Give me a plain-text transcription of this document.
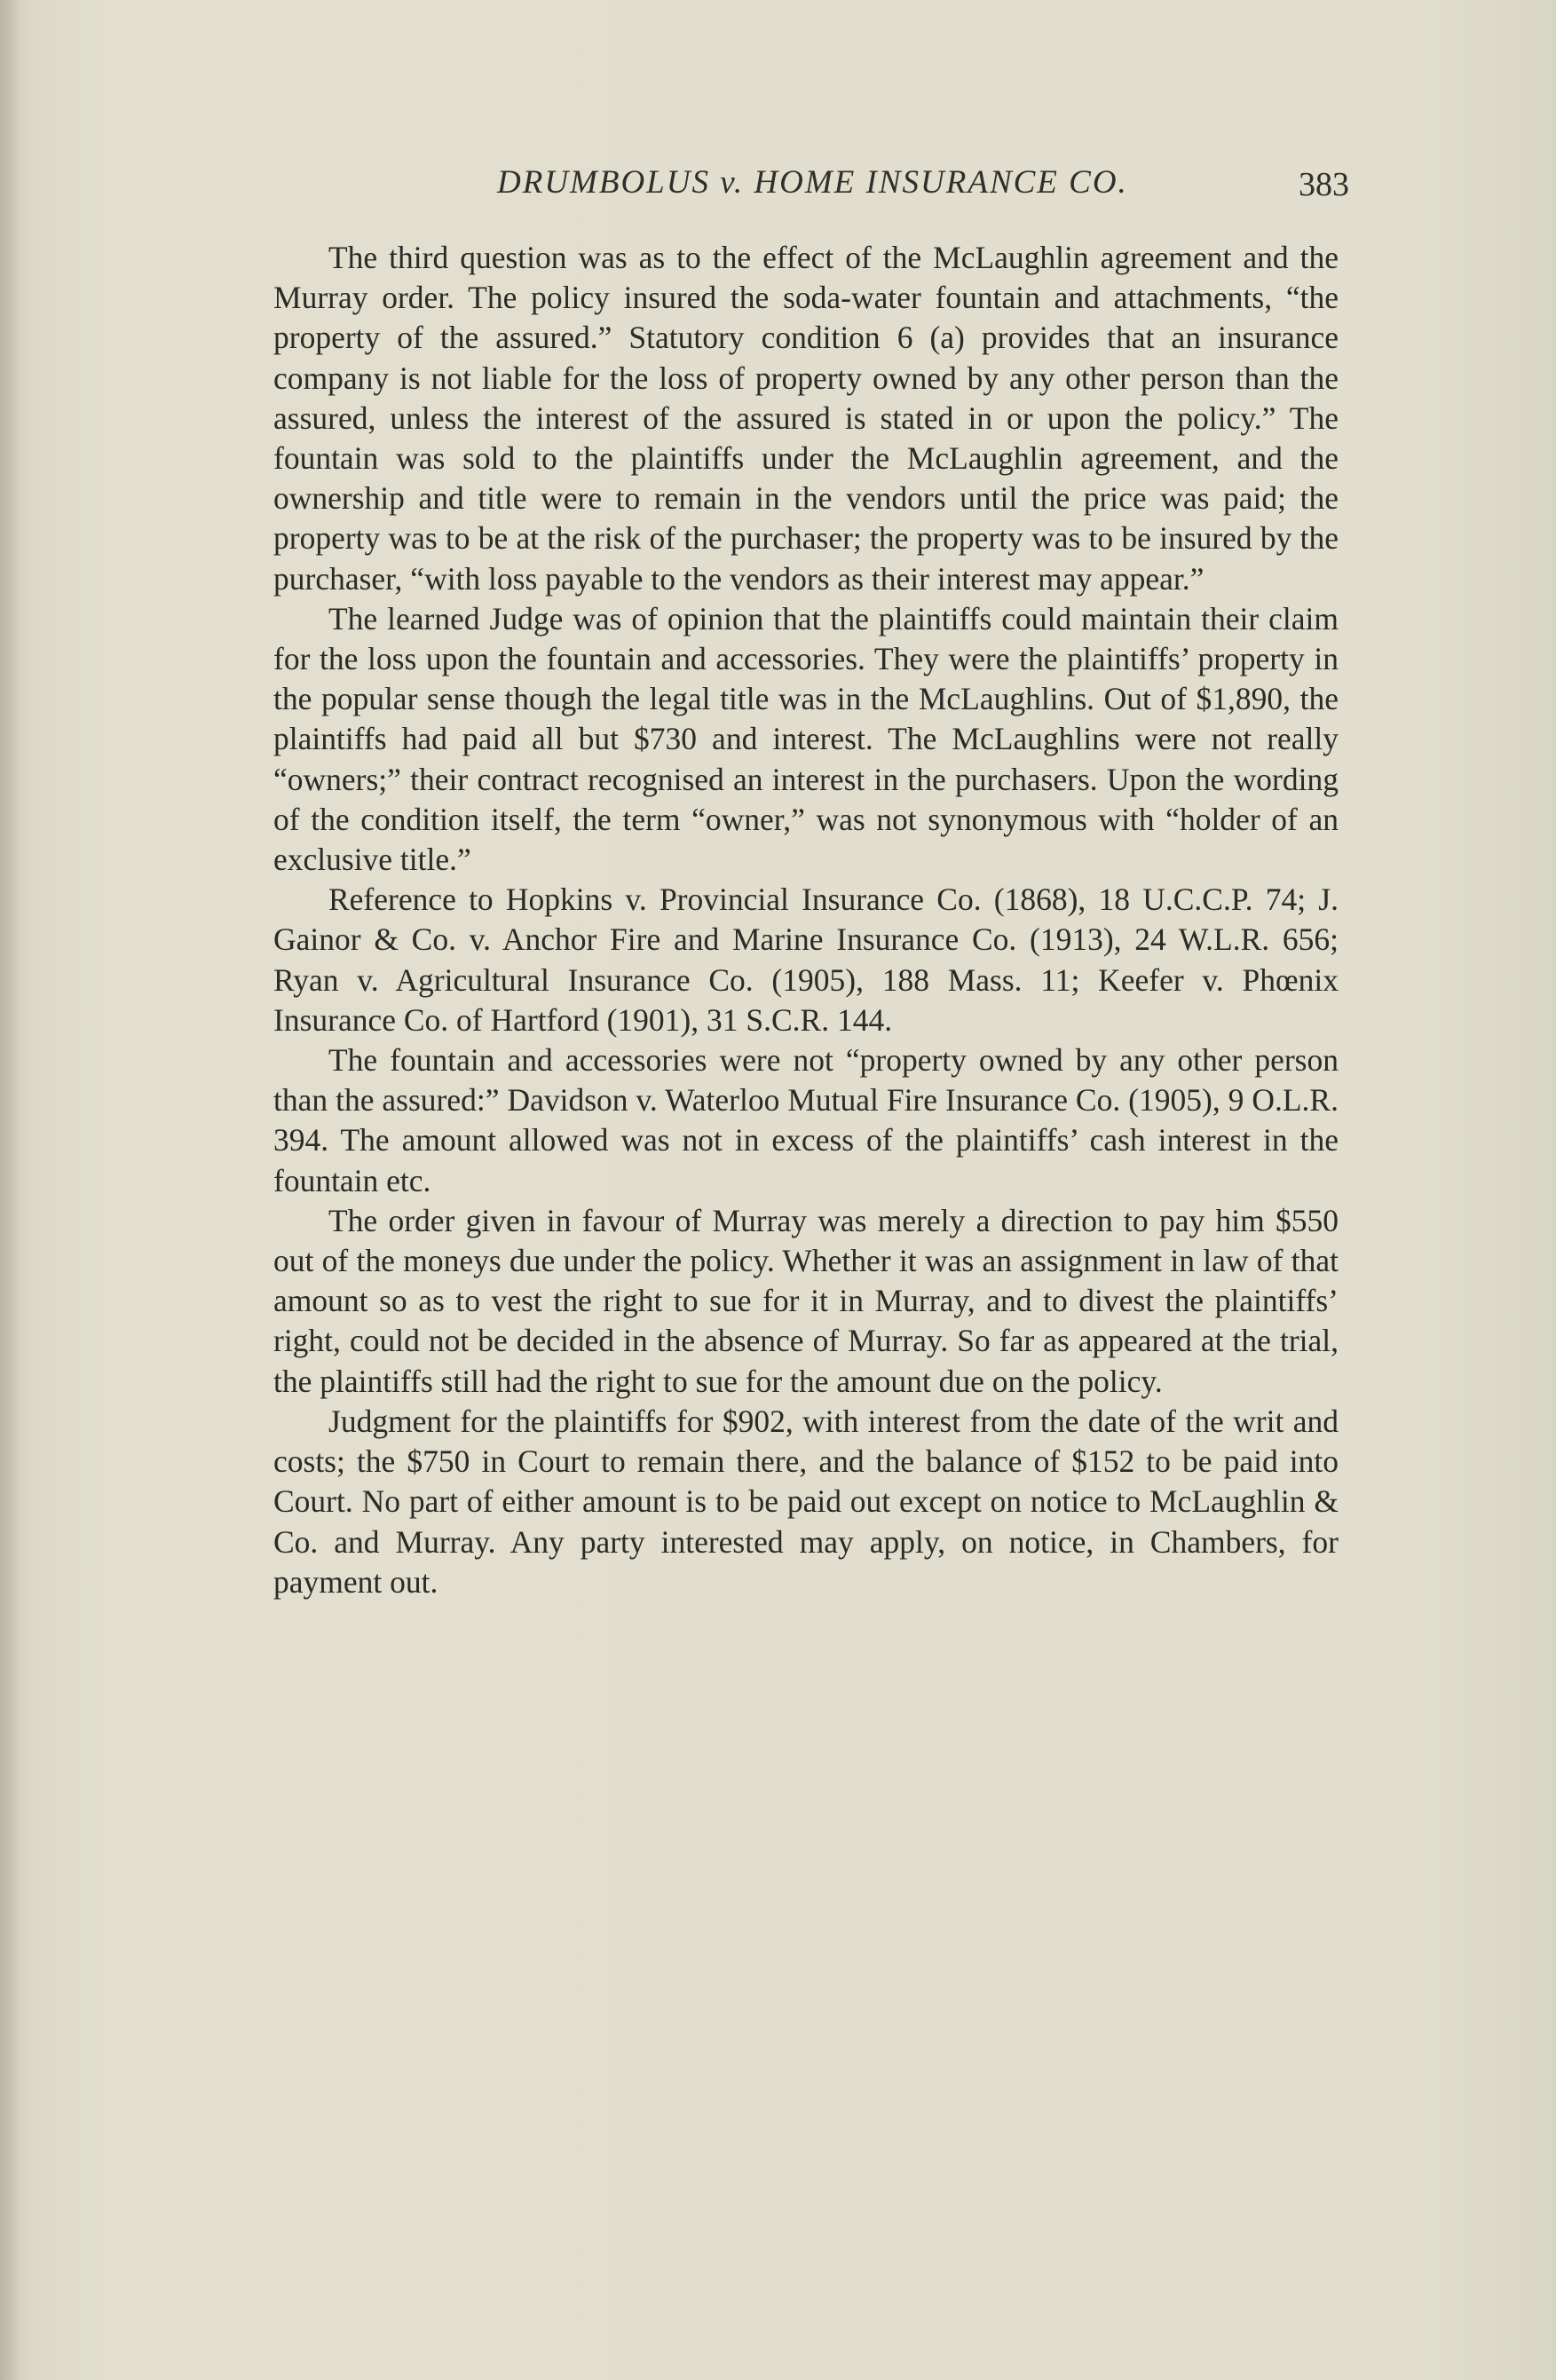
DRUMBOLUS v. HOME INSURANCE CO.	383

The third question was as to the effect of the McLaughlin agreement and the Murray order. The policy insured the soda-water fountain and attachments, “the property of the assured.” Statutory condition 6 (a) provides that an insurance company is not liable for the loss of property owned by any other person than the assured, unless the interest of the assured is stated in or upon the policy.” The fountain was sold to the plaintiffs under the McLaughlin agreement, and the ownership and title were to remain in the vendors until the price was paid; the property was to be at the risk of the purchaser; the property was to be insured by the purchaser, “with loss payable to the vendors as their interest may appear.”

The learned Judge was of opinion that the plaintiffs could maintain their claim for the loss upon the fountain and accessories. They were the plaintiffs’ property in the popular sense though the legal title was in the McLaughlins. Out of $1,890, the plaintiffs had paid all but $730 and interest. The McLaughlins were not really “owners;” their contract recognised an interest in the purchasers. Upon the wording of the condition itself, the term “owner,” was not synonymous with “holder of an exclusive title.”

Reference to Hopkins v. Provincial Insurance Co. (1868), 18 U.C.C.P. 74; J. Gainor & Co. v. Anchor Fire and Marine Insurance Co. (1913), 24 W.L.R. 656; Ryan v. Agricultural Insurance Co. (1905), 188 Mass. 11; Keefer v. Phœnix Insurance Co. of Hartford (1901), 31 S.C.R. 144.

The fountain and accessories were not “property owned by any other person than the assured:” Davidson v. Waterloo Mutual Fire Insurance Co. (1905), 9 O.L.R. 394. The amount allowed was not in excess of the plaintiffs’ cash interest in the fountain etc.

The order given in favour of Murray was merely a direction to pay him $550 out of the moneys due under the policy. Whether it was an assignment in law of that amount so as to vest the right to sue for it in Murray, and to divest the plaintiffs’ right, could not be decided in the absence of Murray. So far as appeared at the trial, the plaintiffs still had the right to sue for the amount due on the policy.

Judgment for the plaintiffs for $902, with interest from the date of the writ and costs; the $750 in Court to remain there, and the balance of $152 to be paid into Court. No part of either amount is to be paid out except on notice to McLaughlin & Co. and Murray. Any party interested may apply, on notice, in Chambers, for payment out.
